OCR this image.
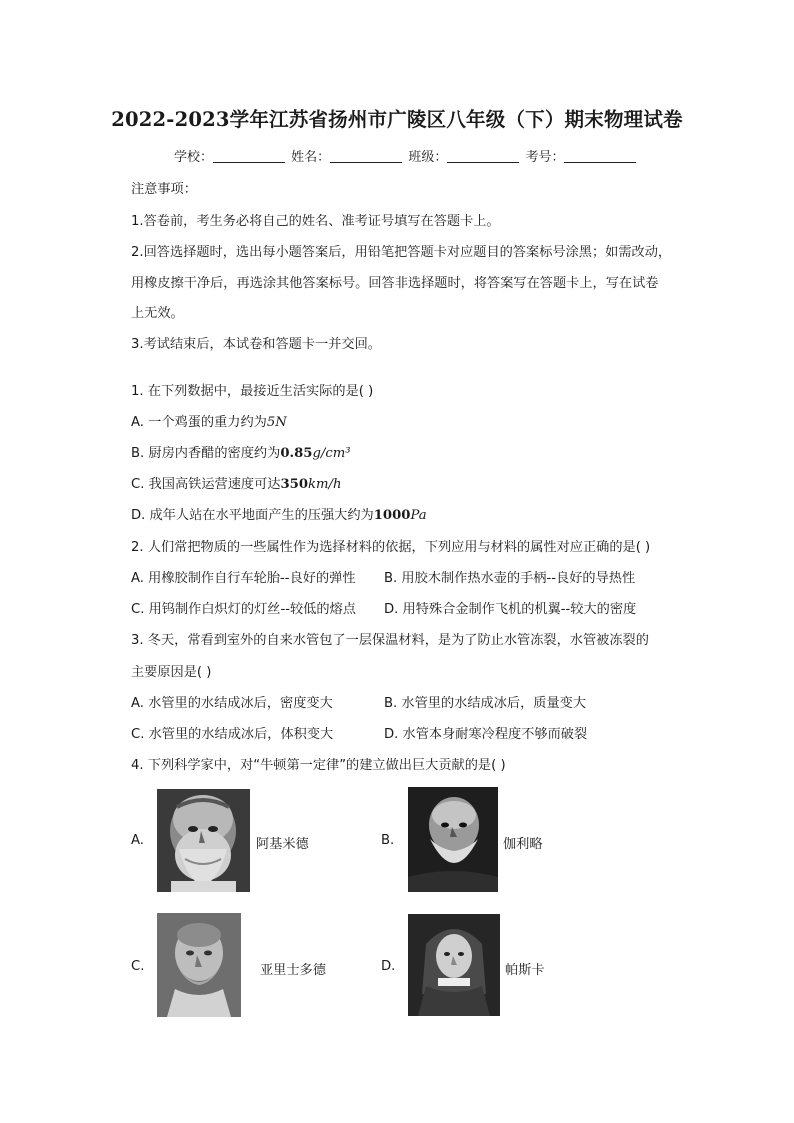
2022-2023学年江苏省扬州市广陵区八年级（下）期末物理试卷
学校：	姓名：	班级：	考号：
注意事项：
1.答卷前，考生务必将自己的姓名、准考证号填写在答题卡上。
2.回答选择题时，选出每小题答案后，用铅笔把答题卡对应题目的答案标号涂黑；如需改动，
用橡皮擦干净后，再选涂其他答案标号。回答非选择题时，将答案写在答题卡上，写在试卷
上无效。
3.考试结束后，本试卷和答题卡一并交回。
1. 在下列数据中，最接近生活实际的是( )
A. 一个鸡蛋的重力约为5N
B. 厨房内香醋的密度约为0.85g/cm³
C. 我国高铁运营速度可达350km/h
D. 成年人站在水平地面产生的压强大约为1000Pa
2. 人们常把物质的一些属性作为选择材料的依据，下列应用与材料的属性对应正确的是( )
A. 用橡胶制作自行车轮胎--良好的弹性 B. 用胶木制作热水壶的手柄--良好的导热性
C. 用钨制作白炽灯的灯丝--较低的熔点 D. 用特殊合金制作飞机的机翼--较大的密度
3. 冬天，常看到室外的自来水管包了一层保温材料，是为了防止水管冻裂，水管被冻裂的
主要原因是( )
A. 水管里的水结成冰后，密度变大	B. 水管里的水结成冰后，质量变大
C. 水管里的水结成冰后，体积变大	D. 水管本身耐寒冷程度不够而破裂
4. 下列科学家中，对“牛顿第一定律”的建立做出巨大贡献的是( )
A.	阿基米德	B.	伽利略
C.	亚里士多德	D.	帕斯卡
